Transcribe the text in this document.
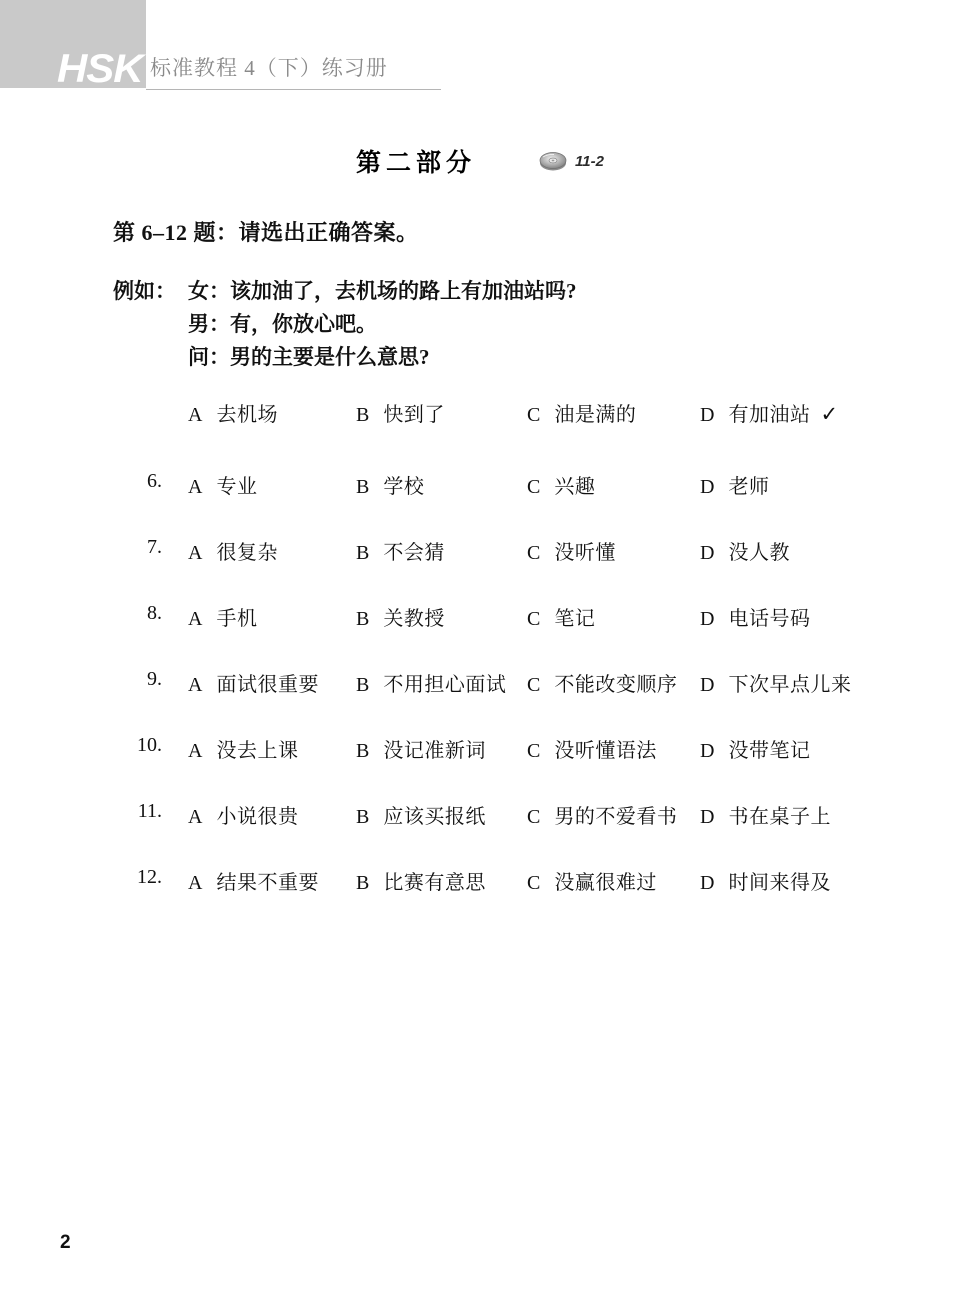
HSK 标准教程 4（下）练习册
第二部分	11-2
第 6–12 题：请选出正确答案。
例如： 女：该加油了，去机场的路上有加油站吗?
男：有，你放心吧。
问：男的主要是什么意思?
A 去机场	B 快到了	C 油是满的	D 有加油站 ✓
6. A 专业	B 学校	C 兴趣	D 老师
7. A 很复杂	B 不会猜	C 没听懂	D 没人教
8. A 手机	B 关教授	C 笔记	D 电话号码
9. A 面试很重要 B 不用担心面试 C 不能改变顺序 D 下次早点儿来
10. A 没去上课	B 没记准新词 C 没听懂语法 D 没带笔记
11. A 小说很贵	B 应该买报纸 C 男的不爱看书 D 书在桌子上
12. A 结果不重要 B 比赛有意思 C 没赢很难过 D 时间来得及
2
